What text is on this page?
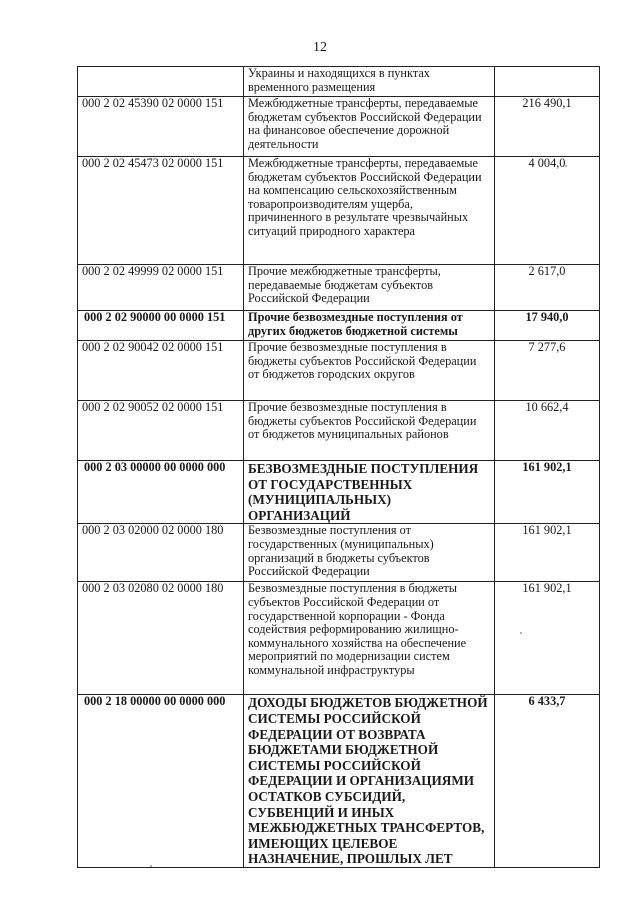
12
	Украины и находящихся в пунктах временного размещения	
000 2 02 45390 02 0000 151	Межбюджетные трансферты, передаваемые бюджетам субъектов Российской Федерации на финансовое обеспечение дорожной деятельности	216 490,1
000 2 02 45473 02 0000 151	Межбюджетные трансферты, передаваемые бюджетам субъектов Российской Федерации на компенсацию сельскохозяйственным товаропроизводителям ущерба, причиненного в результате чрезвычайных ситуаций природного характера	4 004,0
000 2 02 49999 02 0000 151	Прочие межбюджетные трансферты, передаваемые бюджетам субъектов Российской Федерации	2 617,0
000 2 02 90000 00 0000 151	Прочие безвозмездные поступления от других бюджетов бюджетной системы	17 940,0
000 2 02 90042 02 0000 151	Прочие безвозмездные поступления в бюджеты субъектов Российской Федерации от бюджетов городских округов	7 277,6
000 2 02 90052 02 0000 151	Прочие безвозмездные поступления в бюджеты субъектов Российской Федерации от бюджетов муниципальных районов	10 662,4
000 2 03 00000 00 0000 000	БЕЗВОЗМЕЗДНЫЕ ПОСТУПЛЕНИЯ ОТ ГОСУДАРСТВЕННЫХ (МУНИЦИПАЛЬНЫХ) ОРГАНИЗАЦИЙ	161 902,1
000 2 03 02000 02 0000 180	Безвозмездные поступления от государственных (муниципальных) организаций в бюджеты субъектов Российской Федерации	161 902,1
000 2 03 02080 02 0000 180	Безвозмездные поступления в бюджеты субъектов Российской Федерации от государственной корпорации - Фонда содействия реформированию жилищно-коммунального хозяйства на обеспечение мероприятий по модернизации систем коммунальной инфраструктуры	161 902,1
000 2 18 00000 00 0000 000	ДОХОДЫ БЮДЖЕТОВ БЮДЖЕТНОЙ СИСТЕМЫ РОССИЙСКОЙ ФЕДЕРАЦИИ ОТ ВОЗВРАТА БЮДЖЕТАМИ БЮДЖЕТНОЙ СИСТЕМЫ РОССИЙСКОЙ ФЕДЕРАЦИИ И ОРГАНИЗАЦИЯМИ ОСТАТКОВ СУБСИДИЙ, СУБВЕНЦИЙ И ИНЫХ МЕЖБЮДЖЕТНЫХ ТРАНСФЕРТОВ, ИМЕЮЩИХ ЦЕЛЕВОЕ НАЗНАЧЕНИЕ, ПРОШЛЫХ ЛЕТ	6 433,7
